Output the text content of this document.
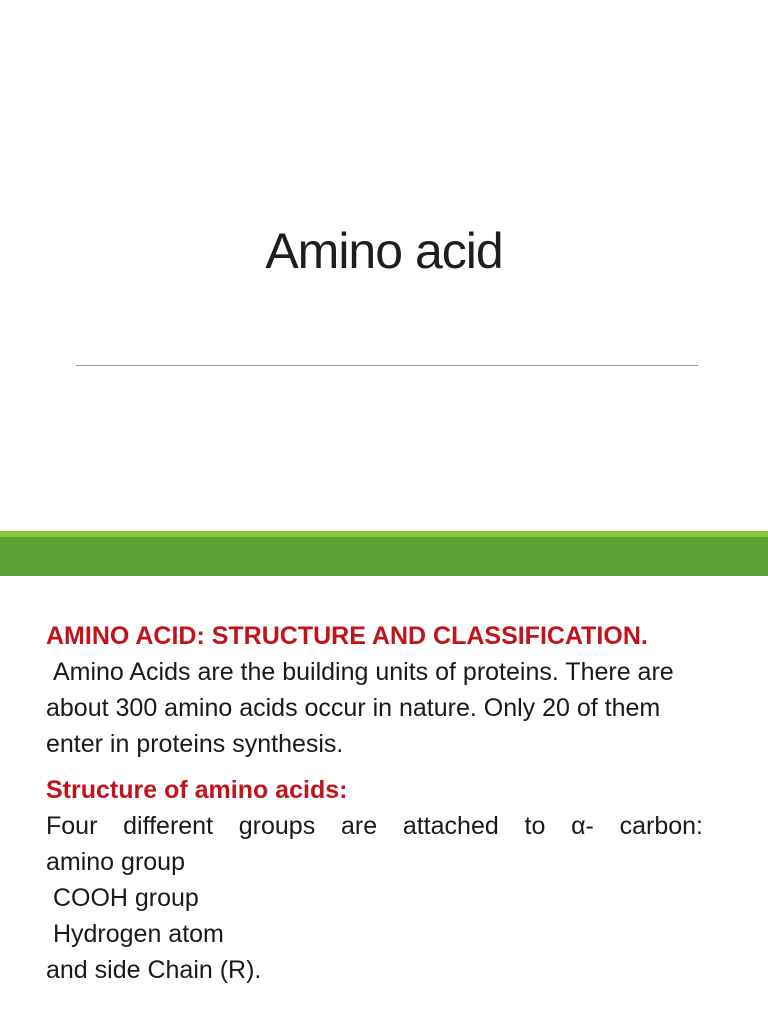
Amino acid

AMINO ACID: STRUCTURE AND CLASSIFICATION.

Amino Acids are the building units of proteins. There are about 300 amino acids occur in nature. Only 20 of them enter in proteins synthesis.

Structure of amino acids:

Four different groups are attached to α- carbon:

amino group

COOH group

Hydrogen atom

and side Chain (R).
